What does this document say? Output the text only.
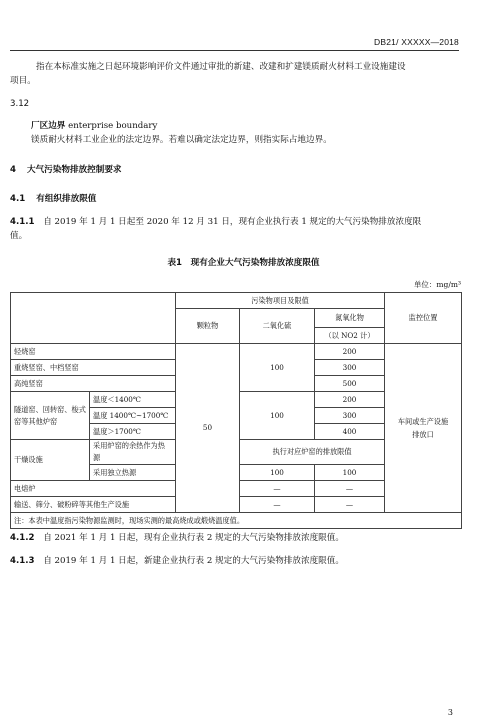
DB21/ XXXXX—2018
指在本标准实施之日起环境影响评价文件通过审批的新建、改建和扩建镁质耐火材料工业设施建设
项目。
3.12
厂区边界 enterprise boundary
镁质耐火材料工业企业的法定边界。若难以确定法定边界，则指实际占地边界。
4 大气污染物排放控制要求
4.1 有组织排放限值
4.1.1 自 2019 年 1 月 1 日起至 2020 年 12 月 31 日，现有企业执行表 1 规定的大气污染物排放浓度限
值。
表1　现有企业大气污染物排放浓度限值
单位：mg/m³
		污染物项目及限值			监控位置
		颗粒物	二氧化硫	氮氧化物	
				（以 NO2 计）	
轻烧窑		50	100	200	车间或生产设施
排放口

重烧竖窑、中档竖窑				300	
高纯竖窑				500	
隧道窑、回转窑、梭式窑等其他炉窑	温度＜1400℃		100	200	
	温度 1400℃~1700℃			300	
	温度＞1700℃			400	
干燥设施	采用炉窑的余热作为热源		执行对应炉窑的排放限值		
	采用独立热源		100	100	
电熔炉			—	—	
输送、筛分、破粉碎等其他生产设施			—	—	
注：本表中温度指污染物源监测时，现场实测的最高烧成或煅烧温度值。					
4.1.2 自 2021 年 1 月 1 日起，现有企业执行表 2 规定的大气污染物排放浓度限值。
4.1.3 自 2019 年 1 月 1 日起，新建企业执行表 2 规定的大气污染物排放浓度限值。
3
